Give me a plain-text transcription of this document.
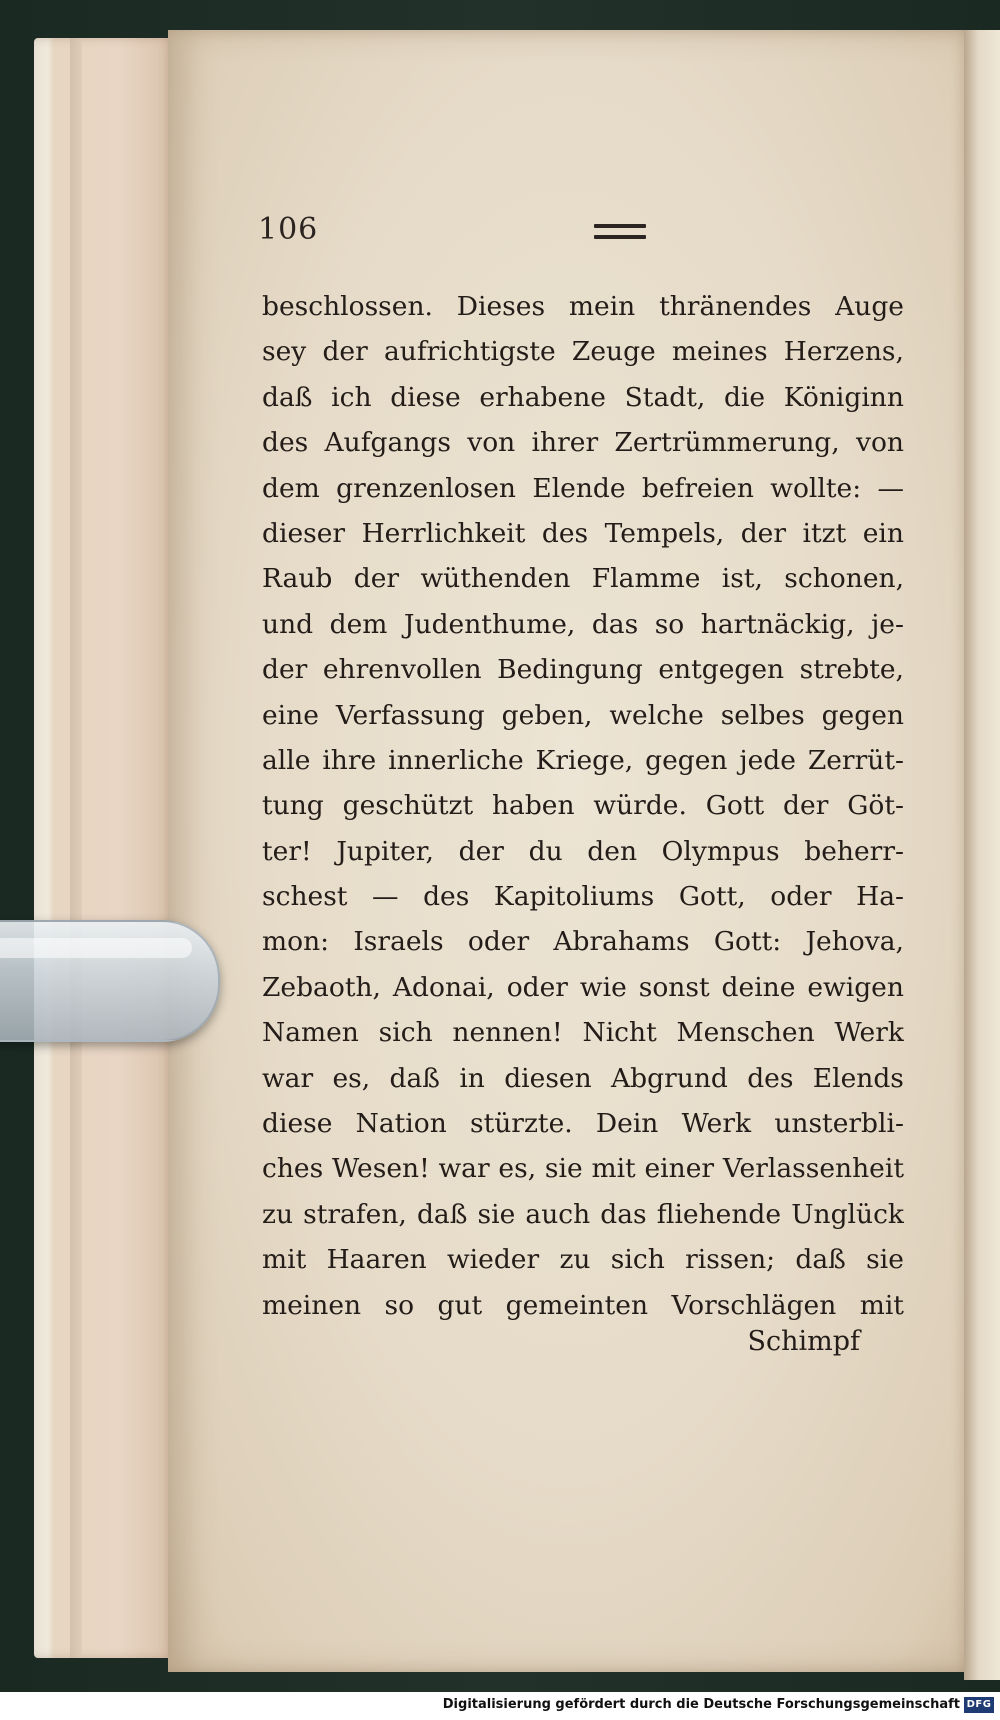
106
beschlossen. Dieses mein thränendes Auge
sey der aufrichtigste Zeuge meines Herzens,
daß ich diese erhabene Stadt, die Königinn
des Aufgangs von ihrer Zertrümmerung, von
dem grenzenlosen Elende befreien wollte: —
dieser Herrlichkeit des Tempels, der itzt ein
Raub der wüthenden Flamme ist, schonen,
und dem Judenthume, das so hartnäckig, je-
der ehrenvollen Bedingung entgegen strebte,
eine Verfassung geben, welche selbes gegen
alle ihre innerliche Kriege, gegen jede Zerrüt-
tung geschützt haben würde. Gott der Göt-
ter! Jupiter, der du den Olympus beherr-
schest — des Kapitoliums Gott, oder Ha-
mon: Israels oder Abrahams Gott: Jehova,
Zebaoth, Adonai, oder wie sonst deine ewigen
Namen sich nennen! Nicht Menschen Werk
war es, daß in diesen Abgrund des Elends
diese Nation stürzte. Dein Werk unsterbli-
ches Wesen! war es, sie mit einer Verlassenheit
zu strafen, daß sie auch das fliehende Unglück
mit Haaren wieder zu sich rissen; daß sie
meinen so gut gemeinten Vorschlägen mit
Schimpf
Digitalisierung gefördert durch die Deutsche Forschungsgemeinschaft DFG
